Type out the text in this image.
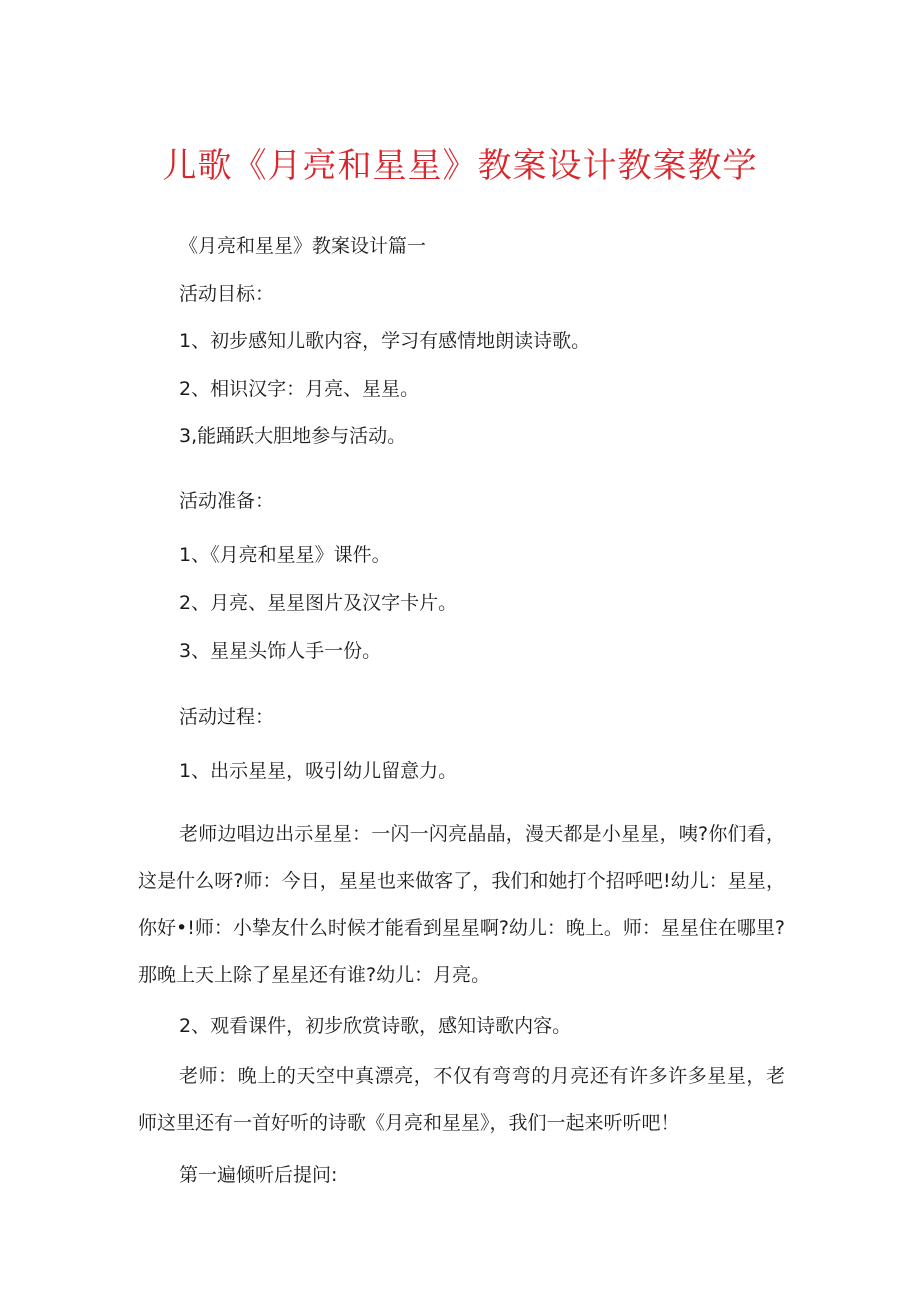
儿歌《月亮和星星》教案设计教案教学
《月亮和星星》教案设计篇一
活动目标：
1、初步感知儿歌内容，学习有感情地朗读诗歌。
2、相识汉字：月亮、星星。
3,能踊跃大胆地参与活动。
活动准备：
1、《月亮和星星》课件。
2、月亮、星星图片及汉字卡片。
3、星星头饰人手一份。
活动过程：
1、出示星星，吸引幼儿留意力。
老师边唱边出示星星：一闪一闪亮晶晶，漫天都是小星星，咦?你们看，这是什么呀?师：今日，星星也来做客了，我们和她打个招呼吧!幼儿：星星，你好•!师：小挚友什么时候才能看到星星啊?幼儿：晚上。师：星星住在哪里?那晚上天上除了星星还有谁?幼儿：月亮。
2、观看课件，初步欣赏诗歌，感知诗歌内容。
老师：晚上的天空中真漂亮，不仅有弯弯的月亮还有许多许多星星，老师这里还有一首好听的诗歌《月亮和星星》，我们一起来听听吧！
第一遍倾听后提问:
